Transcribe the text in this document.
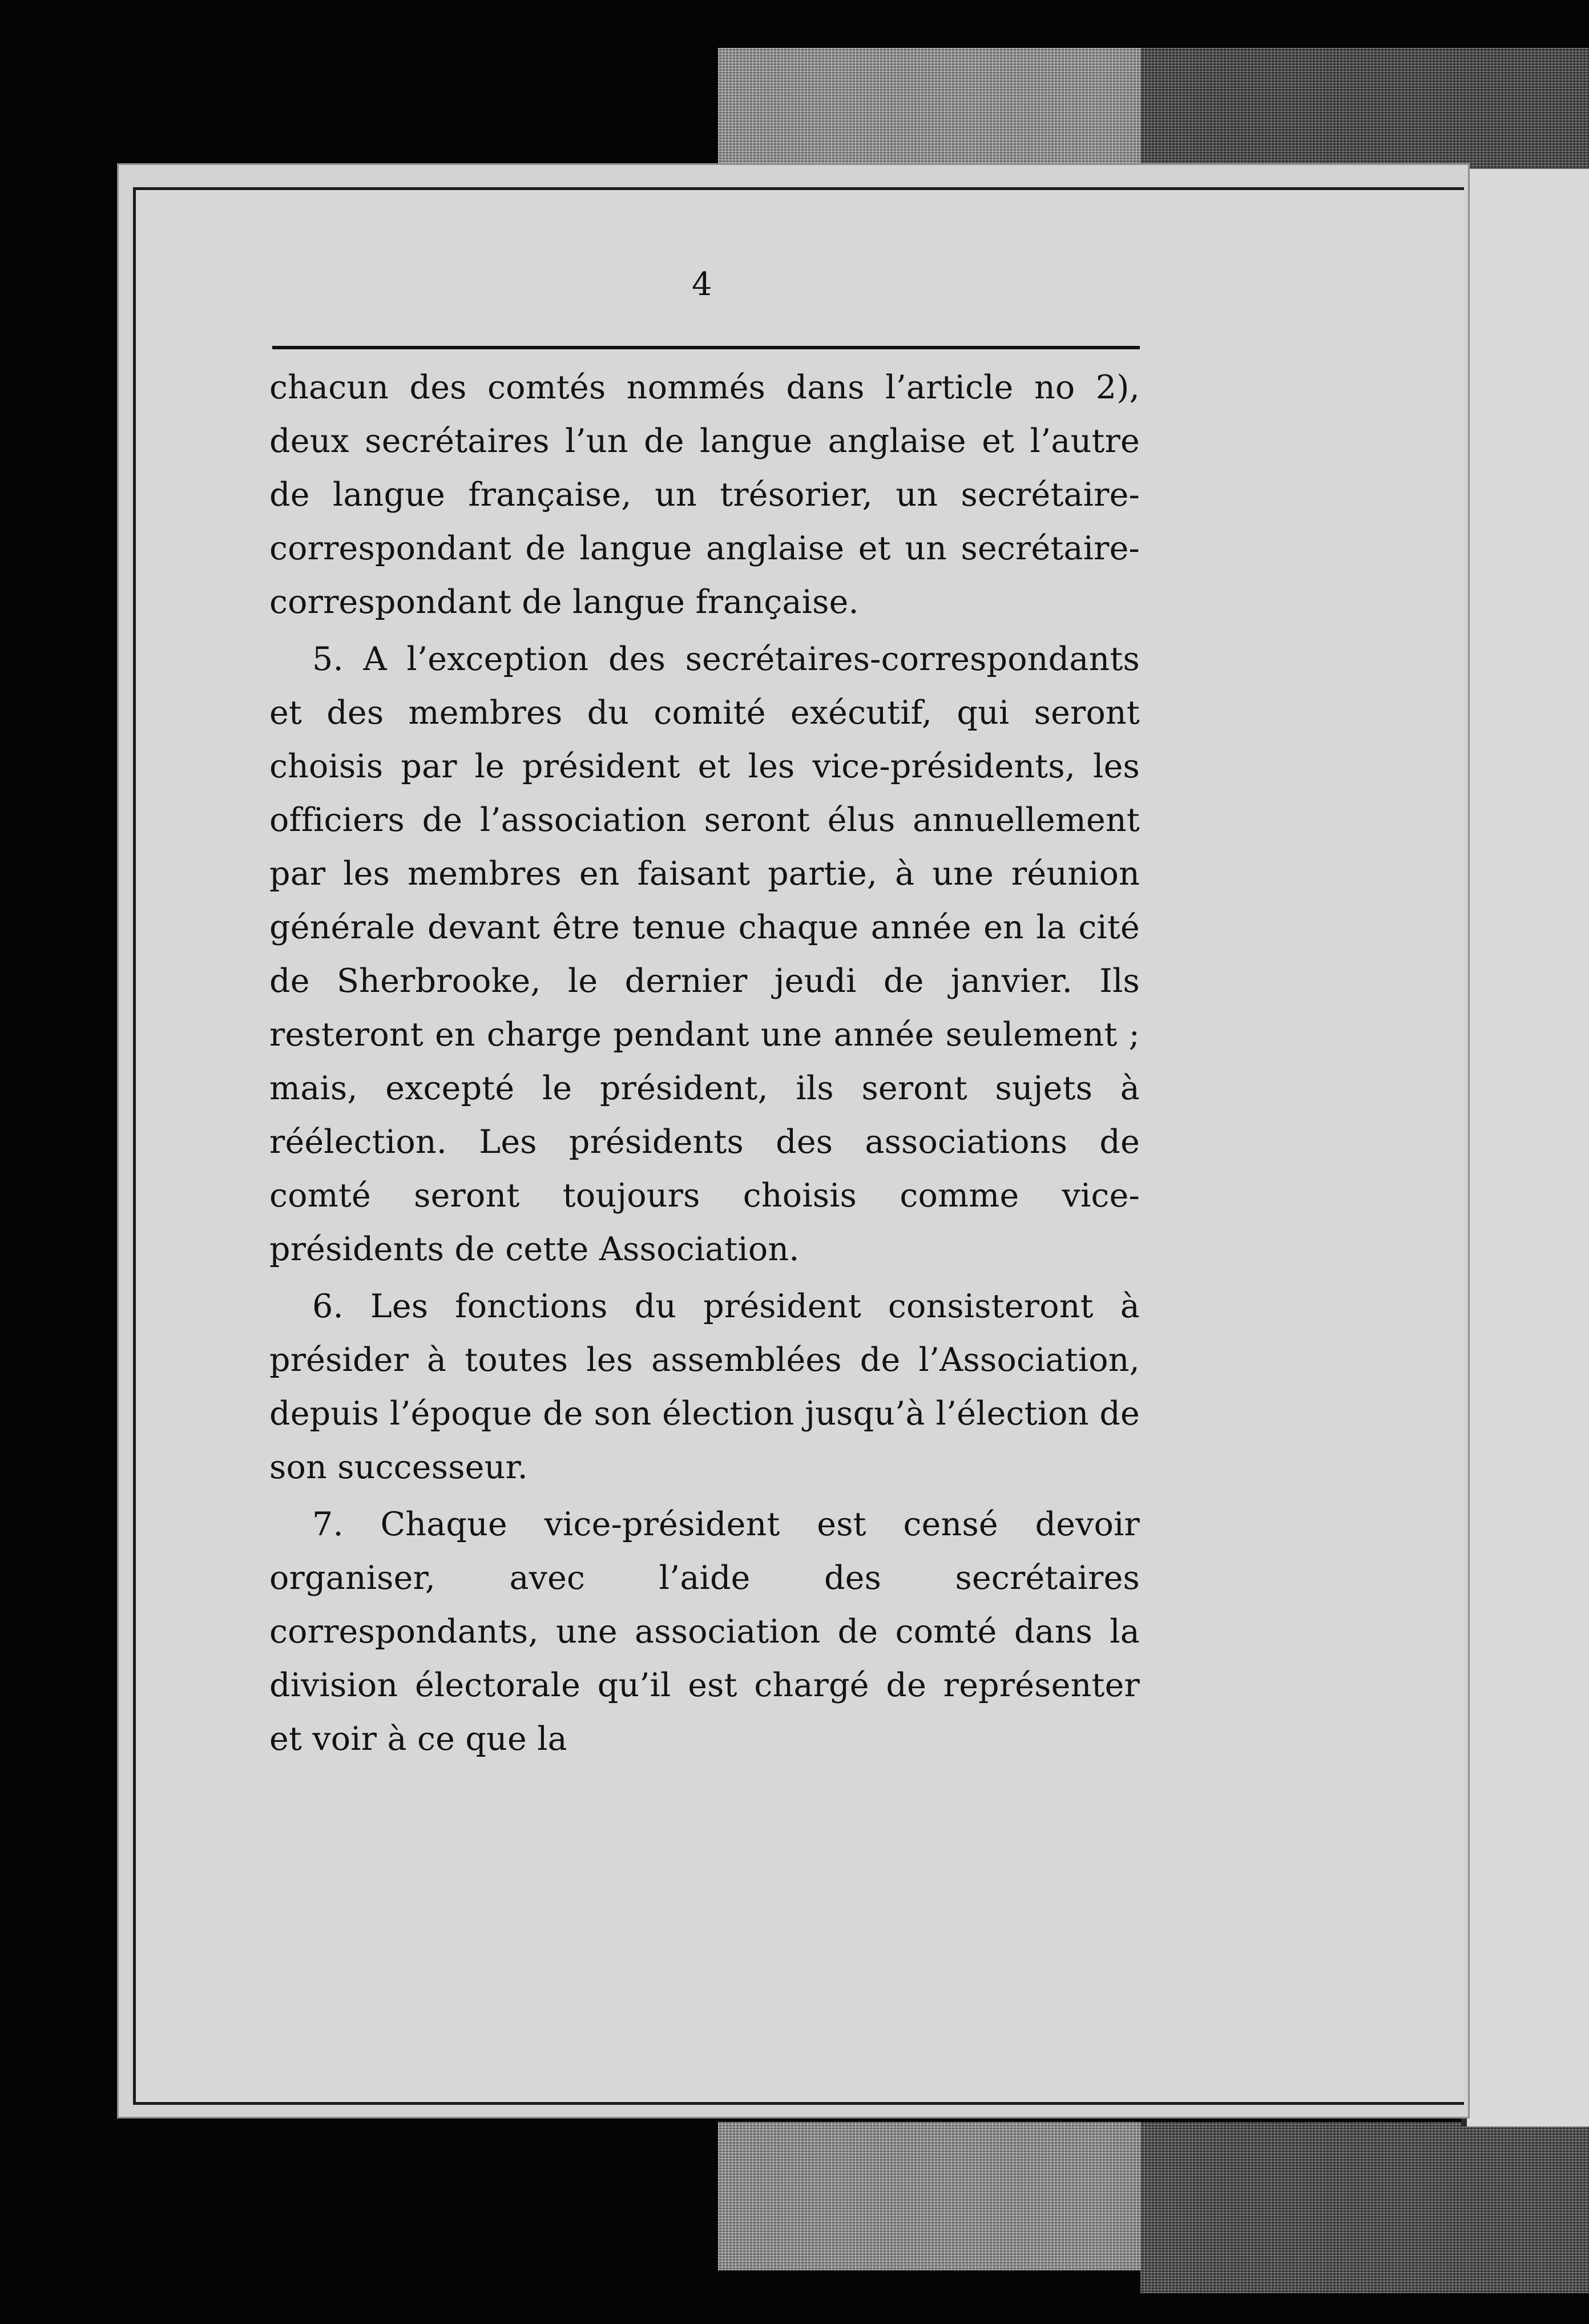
4

chacun des comtés nommés dans l’article no 2), deux secrétaires l’un de langue anglaise et l’autre de langue française, un trésorier, un secrétaire-correspondant de langue anglaise et un secrétaire-correspondant de langue française.

5. A l’exception des secrétaires-correspondants et des membres du comité exécutif, qui seront choisis par le président et les vice-présidents, les officiers de l’association seront élus annuellement par les membres en faisant partie, à une réunion générale devant être tenue chaque année en la cité de Sherbrooke, le dernier jeudi de janvier. Ils resteront en charge pendant une année seulement ; mais, excepté le président, ils seront sujets à réélection. Les présidents des associations de comté seront toujours choisis comme vice-présidents de cette Association.

6. Les fonctions du président consisteront à présider à toutes les assemblées de l’Association, depuis l’époque de son élection jusqu’à l’élection de son successeur.

7. Chaque vice-président est censé devoir organiser, avec l’aide des secrétaires correspondants, une association de comté dans la division électorale qu’il est chargé de représenter et voir à ce que la
